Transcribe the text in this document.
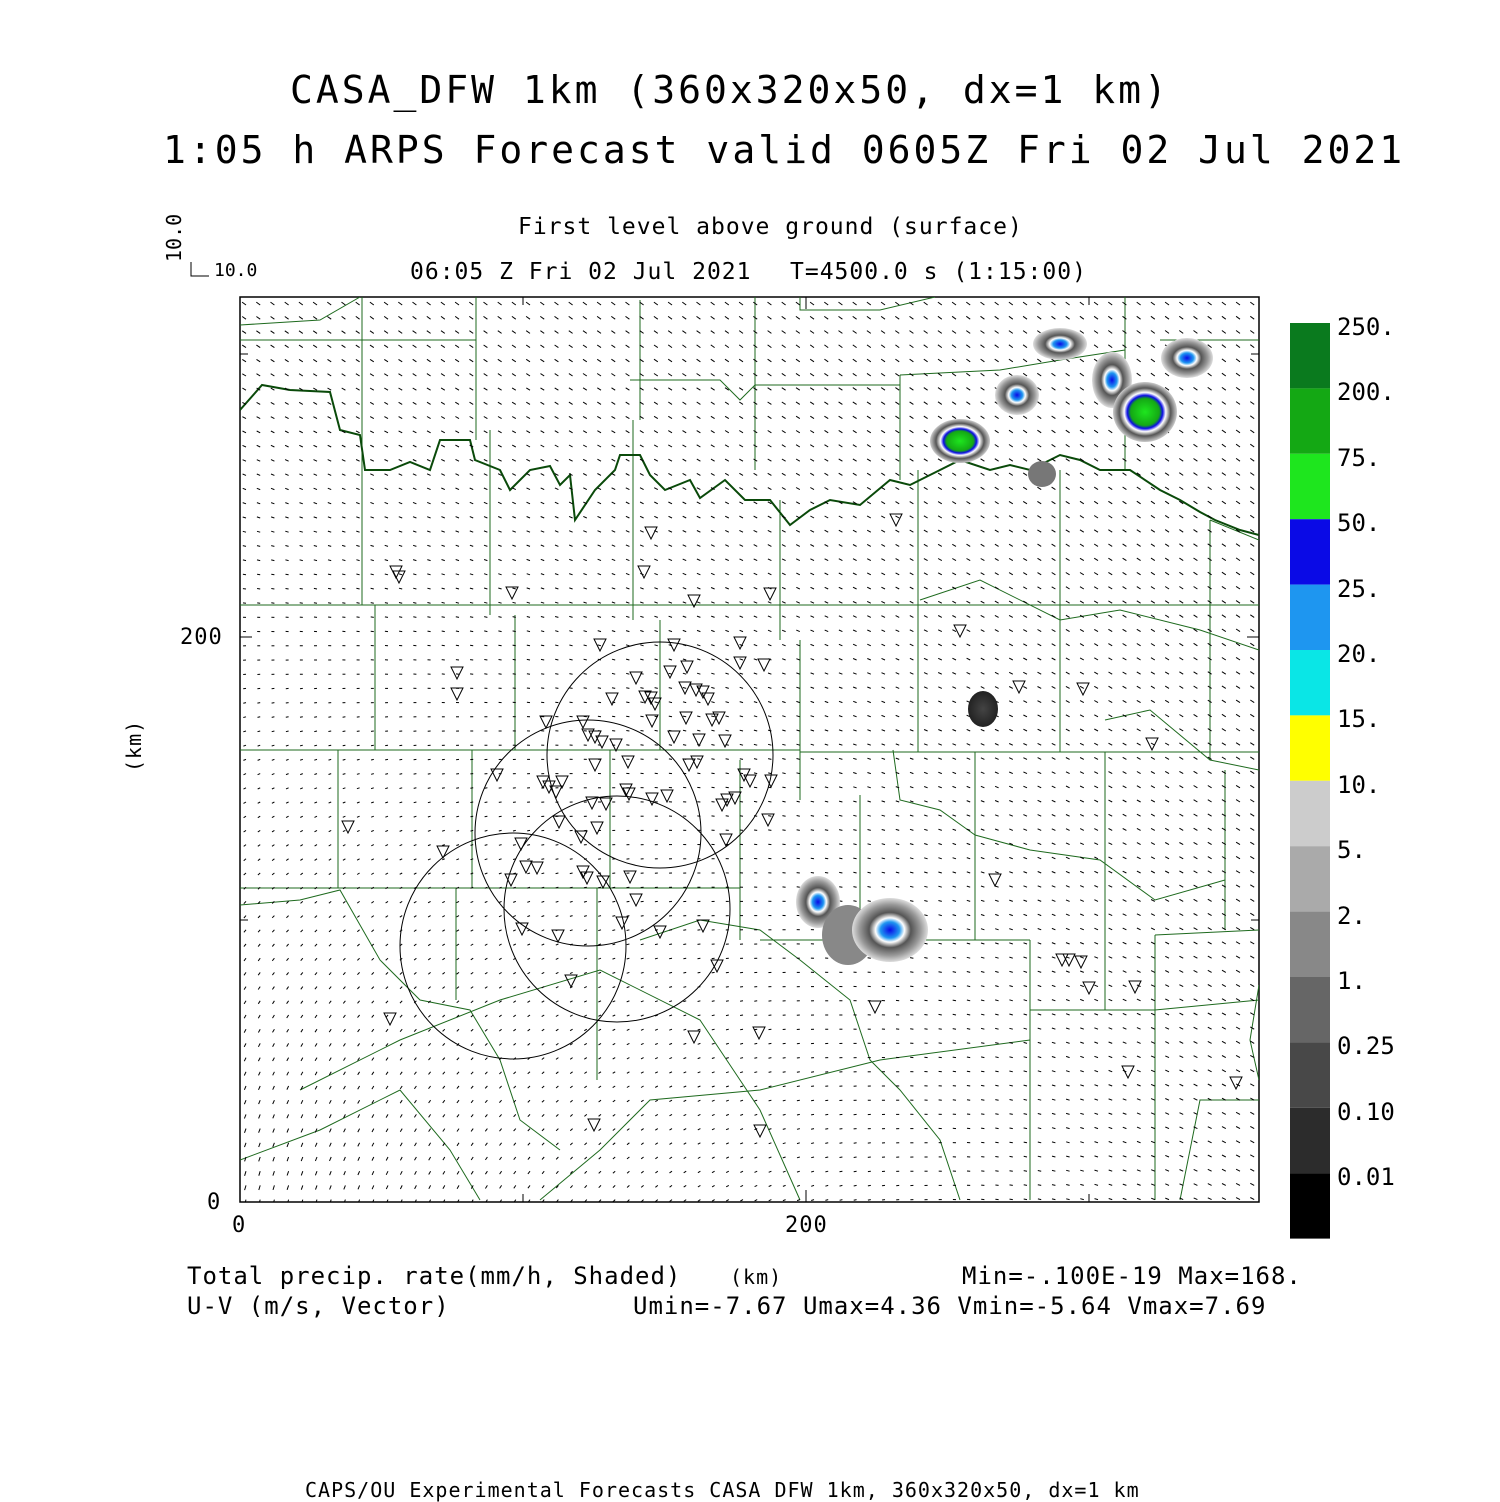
CASA_DFW 1km (360x320x50, dx=1 km)
1:05 h ARPS Forecast valid 0605Z Fri 02 Jul 2021
First level above ground (surface)
06:05 Z Fri 02 Jul 2021 T=4500.0 s (1:15:00)
10.0
10.0
(km)
200
0
0	200
(km)
250.
200.
75.
50.
25.
20.
15.
10.
5.
2.
1.
0.25
0.10
0.01
Total precip. rate(mm/h, Shaded)
U-V (m/s, Vector)
Min=-.100E-19 Max=168.
Umin=-7.67 Umax=4.36 Vmin=-5.64 Vmax=7.69
CAPS/OU Experimental Forecasts CASA DFW 1km, 360x320x50, dx=1 km
